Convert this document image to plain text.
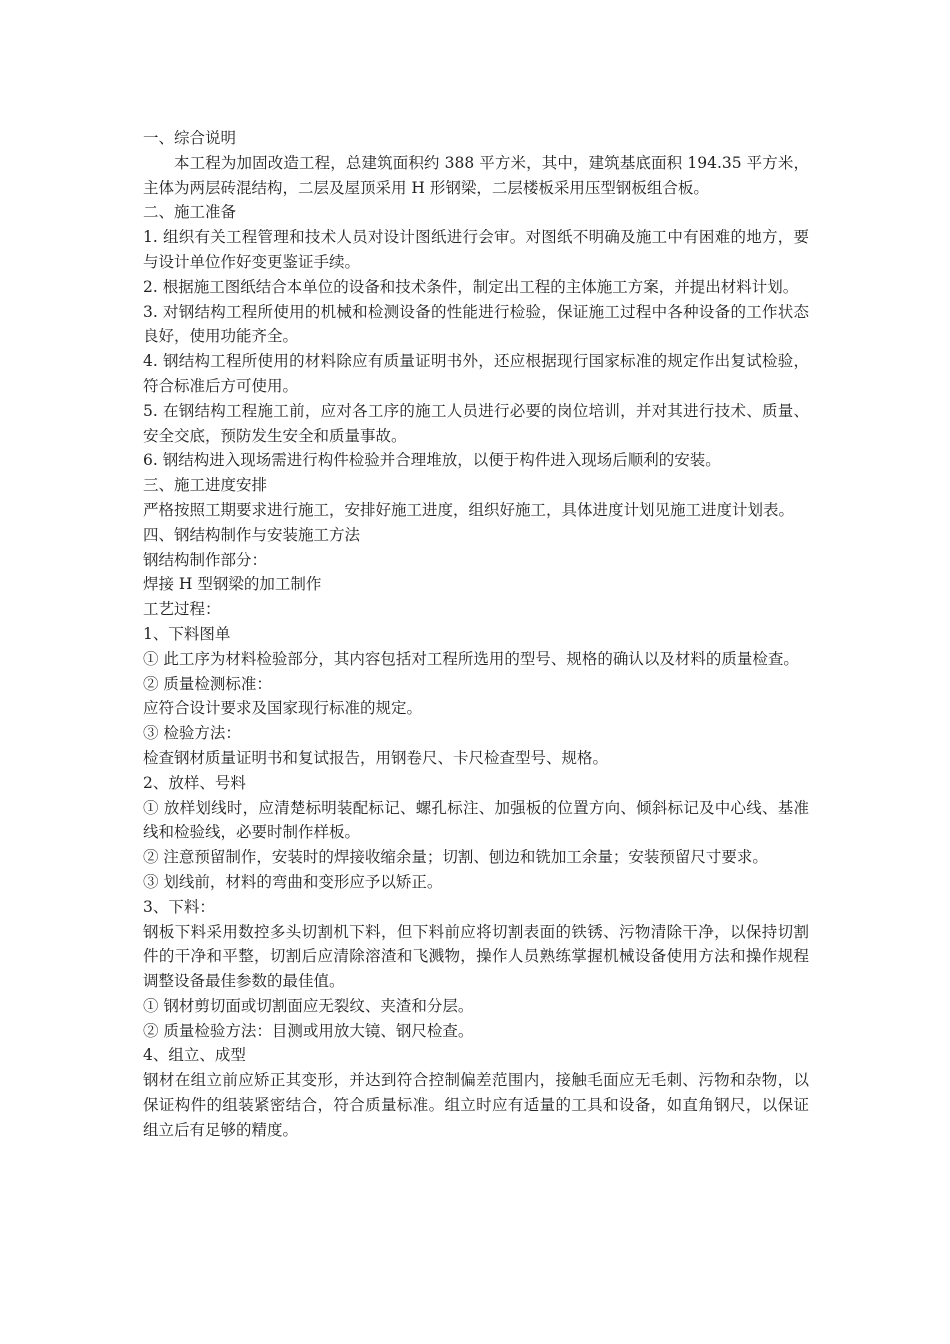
一、综合说明

本工程为加固改造工程，总建筑面积约 388 平方米，其中，建筑基底面积 194.35 平方米，主体为两层砖混结构，二层及屋顶采用 H 形钢梁，二层楼板采用压型钢板组合板。

二、施工准备

1. 组织有关工程管理和技术人员对设计图纸进行会审。对图纸不明确及施工中有困难的地方，要与设计单位作好变更鉴证手续。

2. 根据施工图纸结合本单位的设备和技术条件，制定出工程的主体施工方案，并提出材料计划。

3. 对钢结构工程所使用的机械和检测设备的性能进行检验，保证施工过程中各种设备的工作状态良好，使用功能齐全。

4. 钢结构工程所使用的材料除应有质量证明书外，还应根据现行国家标准的规定作出复试检验，符合标准后方可使用。

5. 在钢结构工程施工前，应对各工序的施工人员进行必要的岗位培训，并对其进行技术、质量、安全交底，预防发生安全和质量事故。

6. 钢结构进入现场需进行构件检验并合理堆放，以便于构件进入现场后顺利的安装。

三、施工进度安排

严格按照工期要求进行施工，安排好施工进度，组织好施工，具体进度计划见施工进度计划表。

四、钢结构制作与安装施工方法

钢结构制作部分：

焊接 H 型钢梁的加工制作

工艺过程：

1、下料图单

① 此工序为材料检验部分，其内容包括对工程所选用的型号、规格的确认以及材料的质量检查。

② 质量检测标准：

应符合设计要求及国家现行标准的规定。

③ 检验方法：

检查钢材质量证明书和复试报告，用钢卷尺、卡尺检查型号、规格。

2、放样、号料

① 放样划线时，应清楚标明装配标记、螺孔标注、加强板的位置方向、倾斜标记及中心线、基准线和检验线，必要时制作样板。

② 注意预留制作，安装时的焊接收缩余量；切割、刨边和铣加工余量；安装预留尺寸要求。

③ 划线前，材料的弯曲和变形应予以矫正。

3、下料：

钢板下料采用数控多头切割机下料，但下料前应将切割表面的铁锈、污物清除干净，以保持切割件的干净和平整，切割后应清除溶渣和飞溅物，操作人员熟练掌握机械设备使用方法和操作规程调整设备最佳参数的最佳值。

① 钢材剪切面或切割面应无裂纹、夹渣和分层。

② 质量检验方法：目测或用放大镜、钢尺检查。

4、组立、成型

钢材在组立前应矫正其变形，并达到符合控制偏差范围内，接触毛面应无毛刺、污物和杂物，以保证构件的组装紧密结合，符合质量标准。组立时应有适量的工具和设备，如直角钢尺，以保证组立后有足够的精度。
